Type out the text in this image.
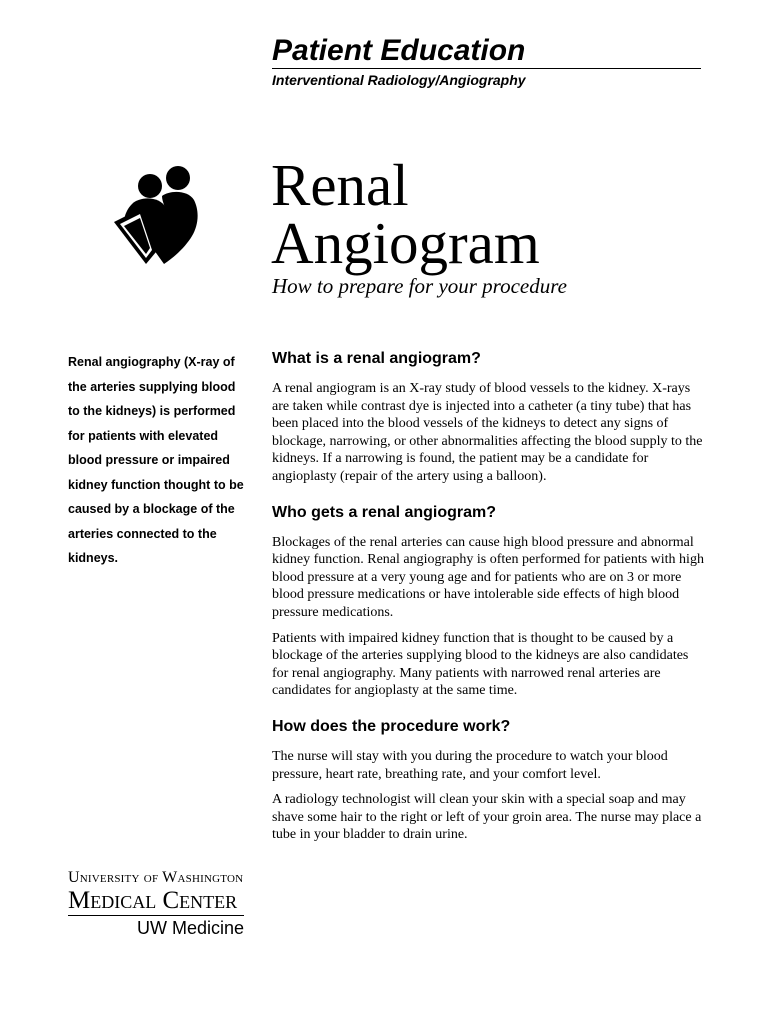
Patient Education
Interventional Radiology/Angiography
Renal
Angiogram
How to prepare for your procedure

Renal angiography (X-ray of the arteries supplying blood to the kidneys) is performed for patients with elevated blood pressure or impaired kidney function thought to be caused by a blockage of the arteries connected to the kidneys.

What is a renal angiogram?

A renal angiogram is an X-ray study of blood vessels to the kidney. X-rays are taken while contrast dye is injected into a catheter (a tiny tube) that has been placed into the blood vessels of the kidneys to detect any signs of blockage, narrowing, or other abnormalities affecting the blood supply to the kidneys. If a narrowing is found, the patient may be a candidate for angioplasty (repair of the artery using a balloon).

Who gets a renal angiogram?

Blockages of the renal arteries can cause high blood pressure and abnormal kidney function. Renal angiography is often performed for patients with high blood pressure at a very young age and for patients who are on 3 or more blood pressure medications or have intolerable side effects of high blood pressure medications.

Patients with impaired kidney function that is thought to be caused by a blockage of the arteries supplying blood to the kidneys are also candidates for renal angiography. Many patients with narrowed renal arteries are candidates for angioplasty at the same time.

How does the procedure work?

The nurse will stay with you during the procedure to watch your blood pressure, heart rate, breathing rate, and your comfort level.

A radiology technologist will clean your skin with a special soap and may shave some hair to the right or left of your groin area. The nurse may place a tube in your bladder to drain urine.

University of Washington
Medical Center
UW Medicine
